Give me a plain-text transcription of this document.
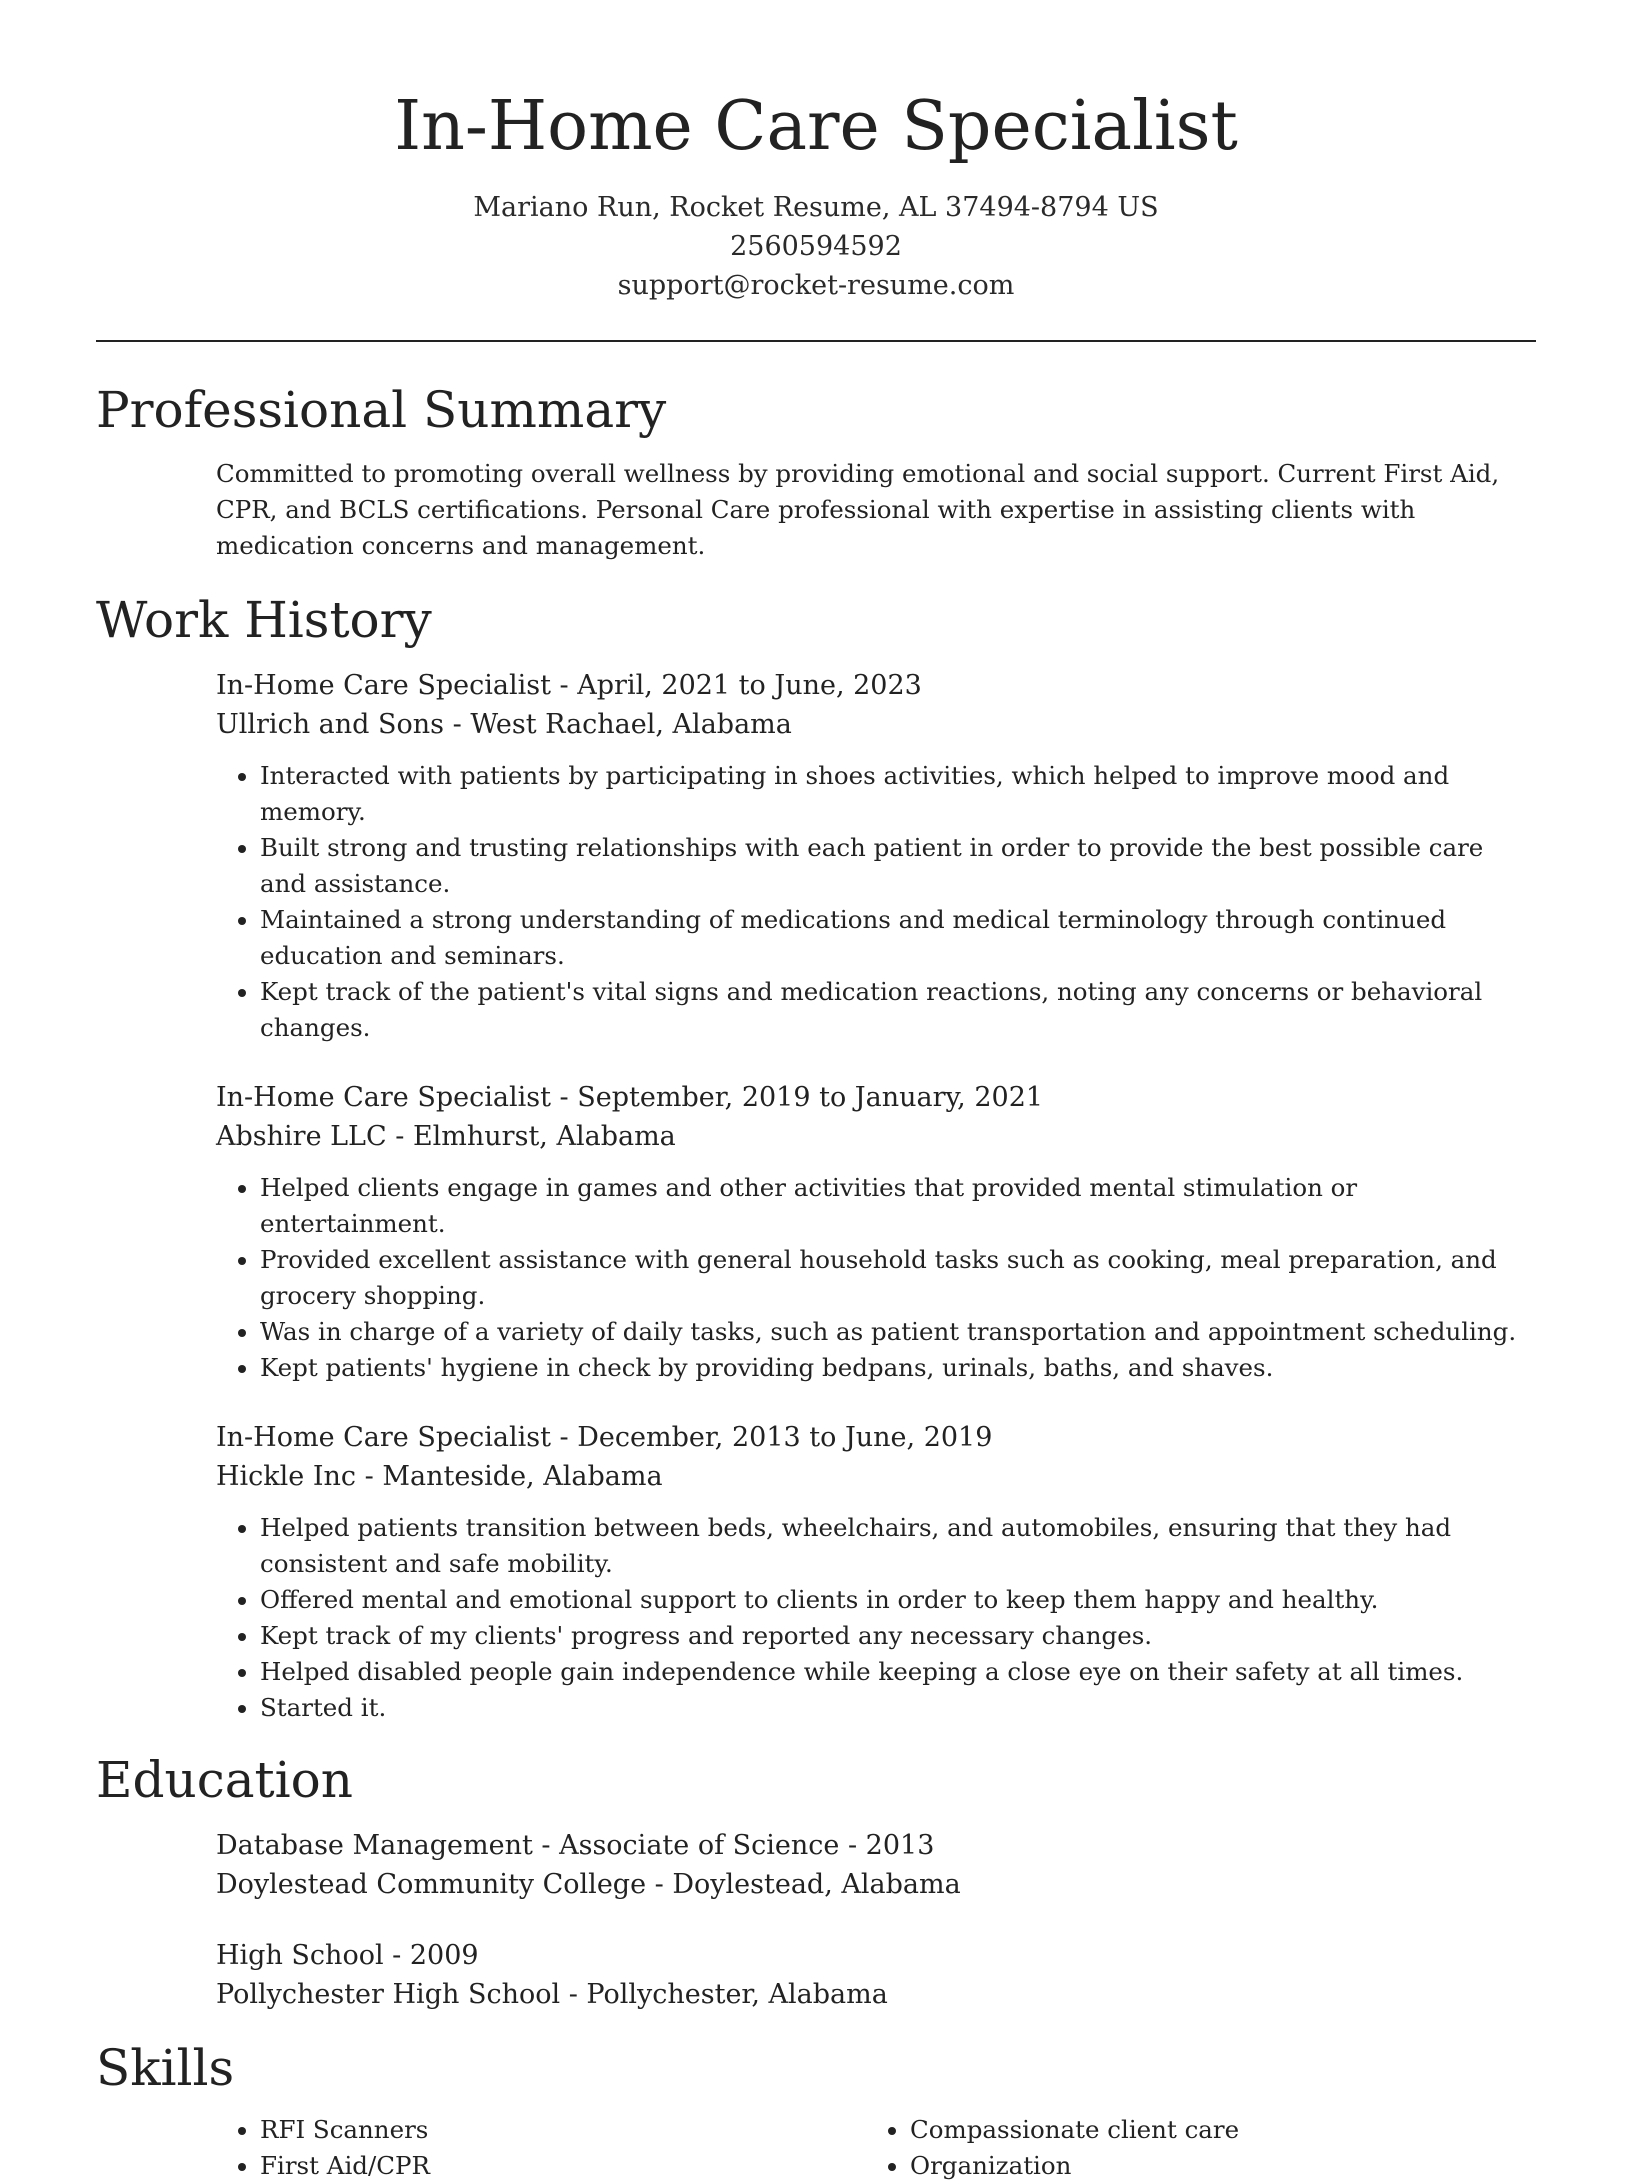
In-Home Care Specialist
Mariano Run, Rocket Resume, AL 37494-8794 US
2560594592
support@rocket-resume.com
Professional Summary
Committed to promoting overall wellness by providing emotional and social support. Current First Aid, CPR, and BCLS certifications. Personal Care professional with expertise in assisting clients with medication concerns and management.
Work History
In-Home Care Specialist - April, 2021 to June, 2023
Ullrich and Sons - West Rachael, Alabama
• Interacted with patients by participating in shoes activities, which helped to improve mood and memory.
• Built strong and trusting relationships with each patient in order to provide the best possible care and assistance.
• Maintained a strong understanding of medications and medical terminology through continued education and seminars.
• Kept track of the patient's vital signs and medication reactions, noting any concerns or behavioral changes.
In-Home Care Specialist - September, 2019 to January, 2021
Abshire LLC - Elmhurst, Alabama
• Helped clients engage in games and other activities that provided mental stimulation or entertainment.
• Provided excellent assistance with general household tasks such as cooking, meal preparation, and grocery shopping.
• Was in charge of a variety of daily tasks, such as patient transportation and appointment scheduling.
• Kept patients' hygiene in check by providing bedpans, urinals, baths, and shaves.
In-Home Care Specialist - December, 2013 to June, 2019
Hickle Inc - Manteside, Alabama
• Helped patients transition between beds, wheelchairs, and automobiles, ensuring that they had consistent and safe mobility.
• Offered mental and emotional support to clients in order to keep them happy and healthy.
• Kept track of my clients' progress and reported any necessary changes.
• Helped disabled people gain independence while keeping a close eye on their safety at all times.
• Started it.
Education
Database Management - Associate of Science - 2013
Doylestead Community College - Doylestead, Alabama
High School - 2009
Pollychester High School - Pollychester, Alabama
Skills
• RFI Scanners
• First Aid/CPR
• Compassionate client care
• Organization
